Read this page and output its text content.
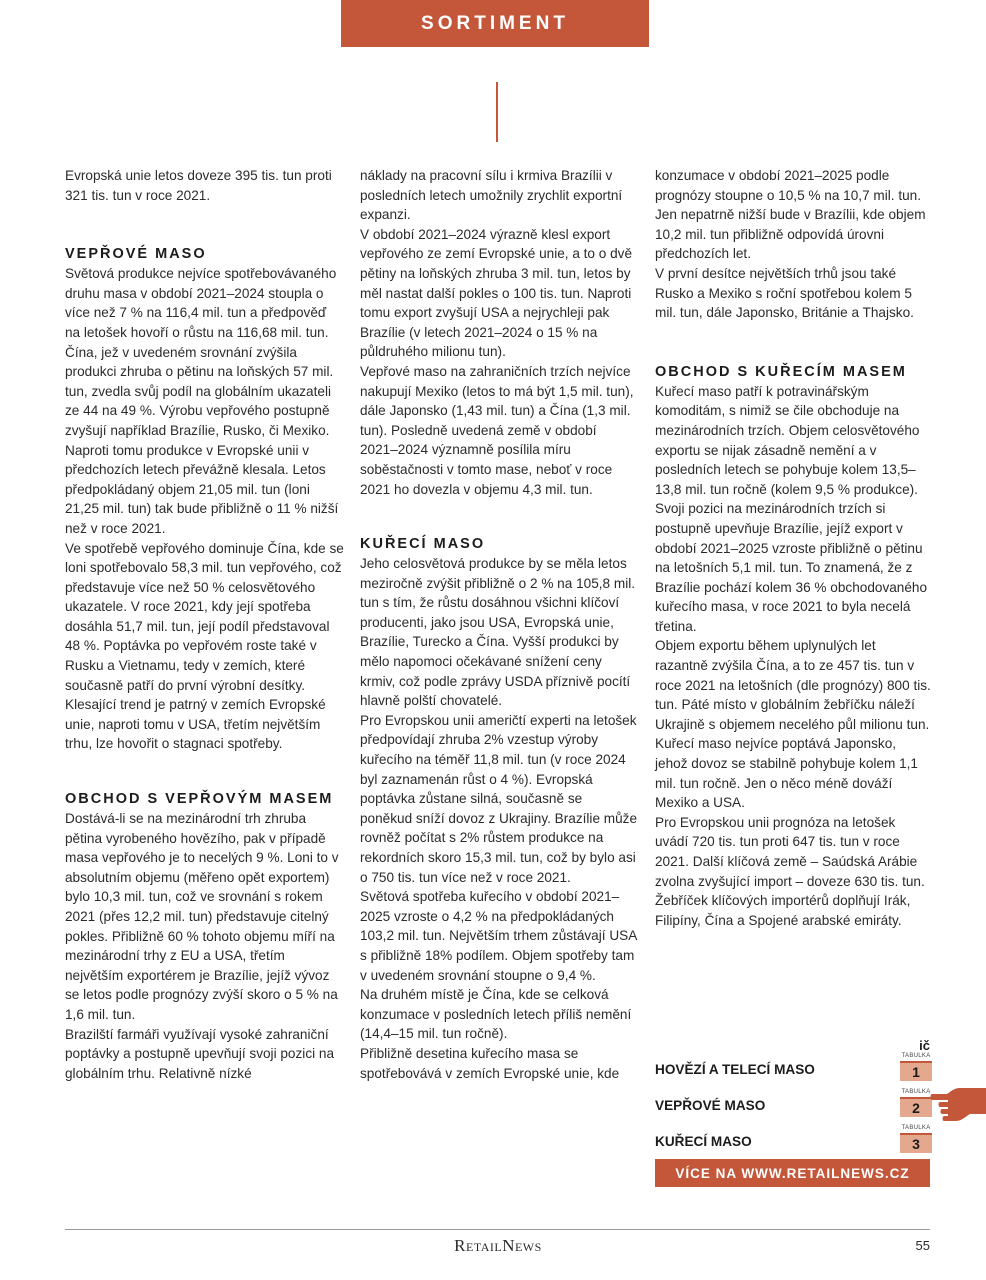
SORTIMENT

Evropská unie letos doveze 395 tis. tun proti 321 tis. tun v roce 2021.

VEPŘOVÉ MASO

Světová produkce nejvíce spotřebovávaného druhu masa v období 2021–2024 stoupla o více než 7 % na 116,4 mil. tun a předpověď na letošek hovoří o růstu na 116,68 mil. tun. Čína, jež v uvedeném srovnání zvýšila produkci zhruba o pětinu na loňských 57 mil. tun, zvedla svůj podíl na globálním ukazateli ze 44 na 49 %. Výrobu vepřového postupně zvyšují například Brazílie, Rusko, či Mexiko. Naproti tomu produkce v Evropské unii v předchozích letech převážně klesala. Letos předpokládaný objem 21,05 mil. tun (loni 21,25 mil. tun) tak bude přibližně o 11 % nižší než v roce 2021.

Ve spotřebě vepřového dominuje Čína, kde se loni spotřebovalo 58,3 mil. tun vepřového, což představuje více než 50 % celosvětového ukazatele. V roce 2021, kdy její spotřeba dosáhla 51,7 mil. tun, její podíl představoval 48 %. Poptávka po vepřovém roste také v Rusku a Vietnamu, tedy v zemích, které současně patří do první výrobní desítky. Klesající trend je patrný v zemích Evropské unie, naproti tomu v USA, třetím největším trhu, lze hovořit o stagnaci spotřeby.

OBCHOD S VEPŘOVÝM MASEM

Dostává-li se na mezinárodní trh zhruba pětina vyrobeného hovězího, pak v případě masa vepřového je to necelých 9 %. Loni to v absolutním objemu (měřeno opět exportem) bylo 10,3 mil. tun, což ve srovnání s rokem 2021 (přes 12,2 mil. tun) představuje citelný pokles. Přibližně 60 % tohoto objemu míří na mezinárodní trhy z EU a USA, třetím největším exportérem je Brazílie, jejíž vývoz se letos podle prognózy zvýší skoro o 5 % na 1,6 mil. tun.

Brazilští farmáři využívají vysoké zahraniční poptávky a postupně upevňují svoji pozici na globálním trhu. Relativně nízké

náklady na pracovní sílu i krmiva Brazílii v posledních letech umožnily zrychlit exportní expanzi.

V období 2021–2024 výrazně klesl export vepřového ze zemí Evropské unie, a to o dvě pětiny na loňských zhruba 3 mil. tun, letos by měl nastat další pokles o 100 tis. tun. Naproti tomu export zvyšují USA a nejrychleji pak Brazílie (v letech 2021–2024 o 15 % na půldruhého milionu tun).

Vepřové maso na zahraničních trzích nejvíce nakupují Mexiko (letos to má být 1,5 mil. tun), dále Japonsko (1,43 mil. tun) a Čína (1,3 mil. tun). Posledně uvedená země v období 2021–2024 významně posílila míru soběstačnosti v tomto mase, neboť v roce 2021 ho dovezla v objemu 4,3 mil. tun.

KUŘECÍ MASO

Jeho celosvětová produkce by se měla letos meziročně zvýšit přibližně o 2 % na 105,8 mil. tun s tím, že růstu dosáhnou všichni klíčoví producenti, jako jsou USA, Evropská unie, Brazílie, Turecko a Čína. Vyšší produkci by mělo napomoci očekávané snížení ceny krmiv, což podle zprávy USDA příznivě pocítí hlavně polští chovatelé.

Pro Evropskou unii američtí experti na letošek předpovídají zhruba 2% vzestup výroby kuřecího na téměř 11,8 mil. tun (v roce 2024 byl zaznamenán růst o 4 %). Evropská poptávka zůstane silná, současně se poněkud sníží dovoz z Ukrajiny. Brazílie může rovněž počítat s 2% růstem produkce na rekordních skoro 15,3 mil. tun, což by bylo asi o 750 tis. tun více než v roce 2021.

Světová spotřeba kuřecího v období 2021–2025 vzroste o 4,2 % na předpokládaných 103,2 mil. tun. Největším trhem zůstávají USA s přibližně 18% podílem. Objem spotřeby tam v uvedeném srovnání stoupne o 9,4 %.

Na druhém místě je Čína, kde se celková konzumace v posledních letech příliš nemění (14,4–15 mil. tun ročně).

Přibližně desetina kuřecího masa se spotřebovává v zemích Evropské unie, kde

konzumace v období 2021–2025 podle prognózy stoupne o 10,5 % na 10,7 mil. tun. Jen nepatrně nižší bude v Brazílii, kde objem 10,2 mil. tun přibližně odpovídá úrovni předchozích let.

V první desítce největších trhů jsou také Rusko a Mexiko s roční spotřebou kolem 5 mil. tun, dále Japonsko, Británie a Thajsko.

OBCHOD S KUŘECÍM MASEM

Kuřecí maso patří k potravinářským komoditám, s nimiž se čile obchoduje na mezinárodních trzích. Objem celosvětového exportu se nijak zásadně nemění a v posledních letech se pohybuje kolem 13,5–13,8 mil. tun ročně (kolem 9,5 % produkce).

Svoji pozici na mezinárodních trzích si postupně upevňuje Brazílie, jejíž export v období 2021–2025 vzroste přibližně o pětinu na letošních 5,1 mil. tun. To znamená, že z Brazílie pochází kolem 36 % obchodovaného kuřecího masa, v roce 2021 to byla necelá třetina.

Objem exportu během uplynulých let razantně zvýšila Čína, a to ze 457 tis. tun v roce 2021 na letošních (dle prognózy) 800 tis. tun. Páté místo v globálním žebříčku náleží Ukrajině s objemem necelého půl milionu tun.

Kuřecí maso nejvíce poptává Japonsko, jehož dovoz se stabilně pohybuje kolem 1,1 mil. tun ročně. Jen o něco méně dováží Mexiko a USA.

Pro Evropskou unii prognóza na letošek uvádí 720 tis. tun proti 647 tis. tun v roce 2021. Další klíčová země – Saúdská Arábie zvolna zvyšující import – doveze 630 tis. tun. Žebříček klíčových importérů doplňují Irák, Filipíny, Čína a Spojené arabské emiráty.

ič
HOVĚZÍ A TELECÍ MASO
TABULKA
1
VEPŘOVÉ MASO
TABULKA
2
KUŘECÍ MASO
TABULKA
3
VÍCE NA WWW.RETAILNEWS.CZ
RetailNews	55
